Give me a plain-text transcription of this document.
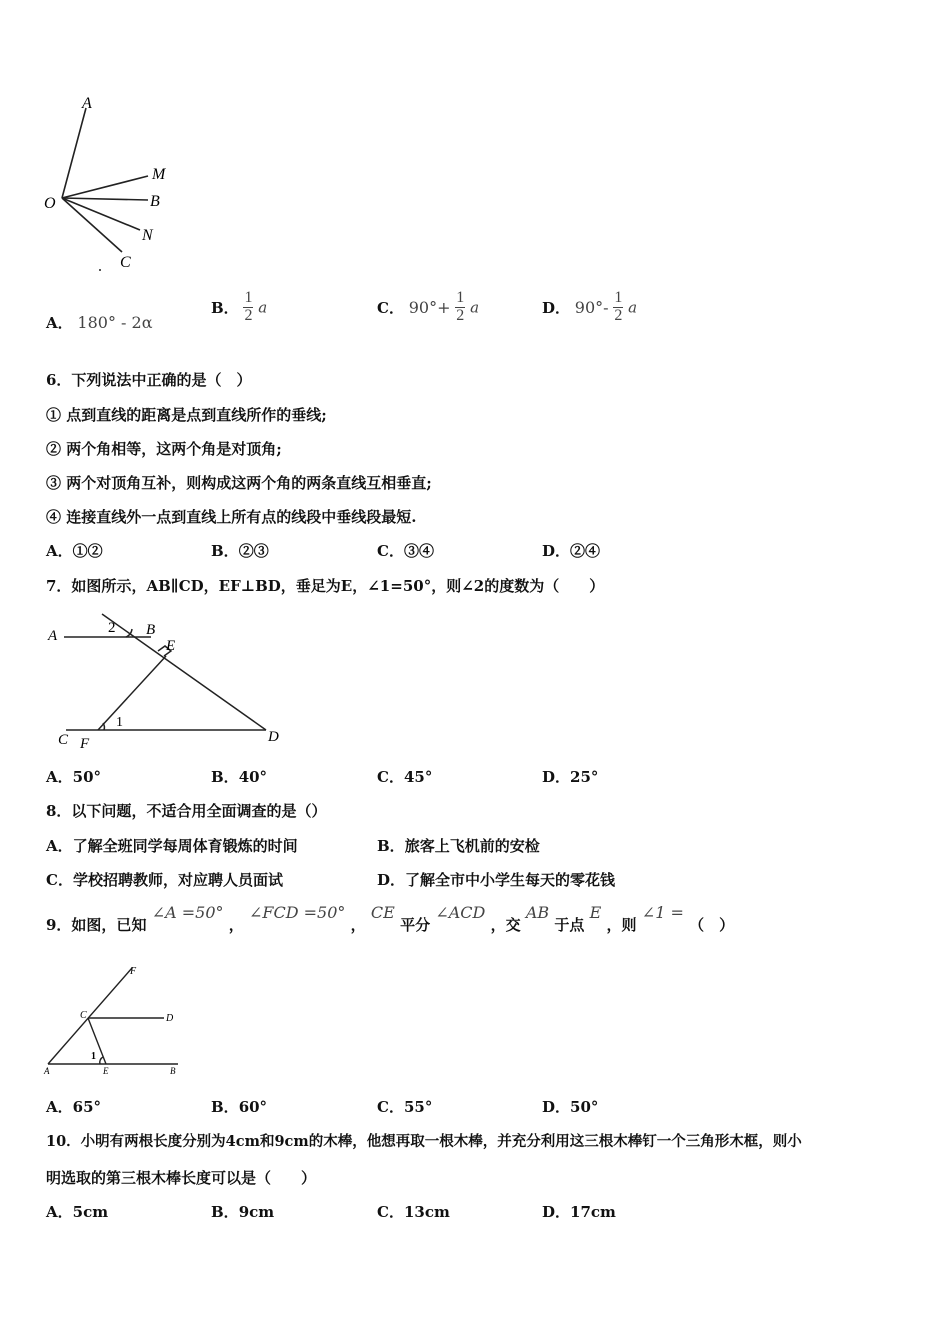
A
M
B
O
N
C
A． 180° - 2α
B． $\frac{1}{2}$ a	C． $90^\circ+ \frac{1}{2}$ a	D． $90^\circ- \frac{1}{2}$ a
6．下列说法中正确的是（　）
① 点到直线的距离是点到直线所作的垂线;
② 两个角相等，这两个角是对顶角;
③ 两个对顶角互补，则构成这两个角的两条直线互相垂直;
④ 连接直线外一点到直线上所有点的线段中垂线段最短.
A．①②	B．②③	C．③④	D．②④
7．如图所示，AB∥CD，EF⊥BD，垂足为E，∠1=50°，则∠2的度数为（　　）
A	2 B
E
1
C F	D
A．50°	B．40°	C．45°	D．25°
8．以下问题，不适合用全面调查的是（）
A．了解全班同学每周体育锻炼的时间	B．旅客上飞机前的安检
C．学校招聘教师，对应聘人员面试	D．了解全市中小学生每天的零花钱
9．如图，已知 ∠A =50° ， ∠FCD =50° ， CE 平分 ∠ACD ，交 AB 于点 E ，则 ∠1 = （　）
F
C	D
1
A	E	B
A．65°	B．60°	C．55°	D．50°
10．小明有两根长度分别为4cm和9cm的木棒，他想再取一根木棒，并充分利用这三根木棒钉一个三角形木框，则小
明选取的第三根木棒长度可以是（　　）
A．5cm	B．9cm	C．13cm	D．17cm
